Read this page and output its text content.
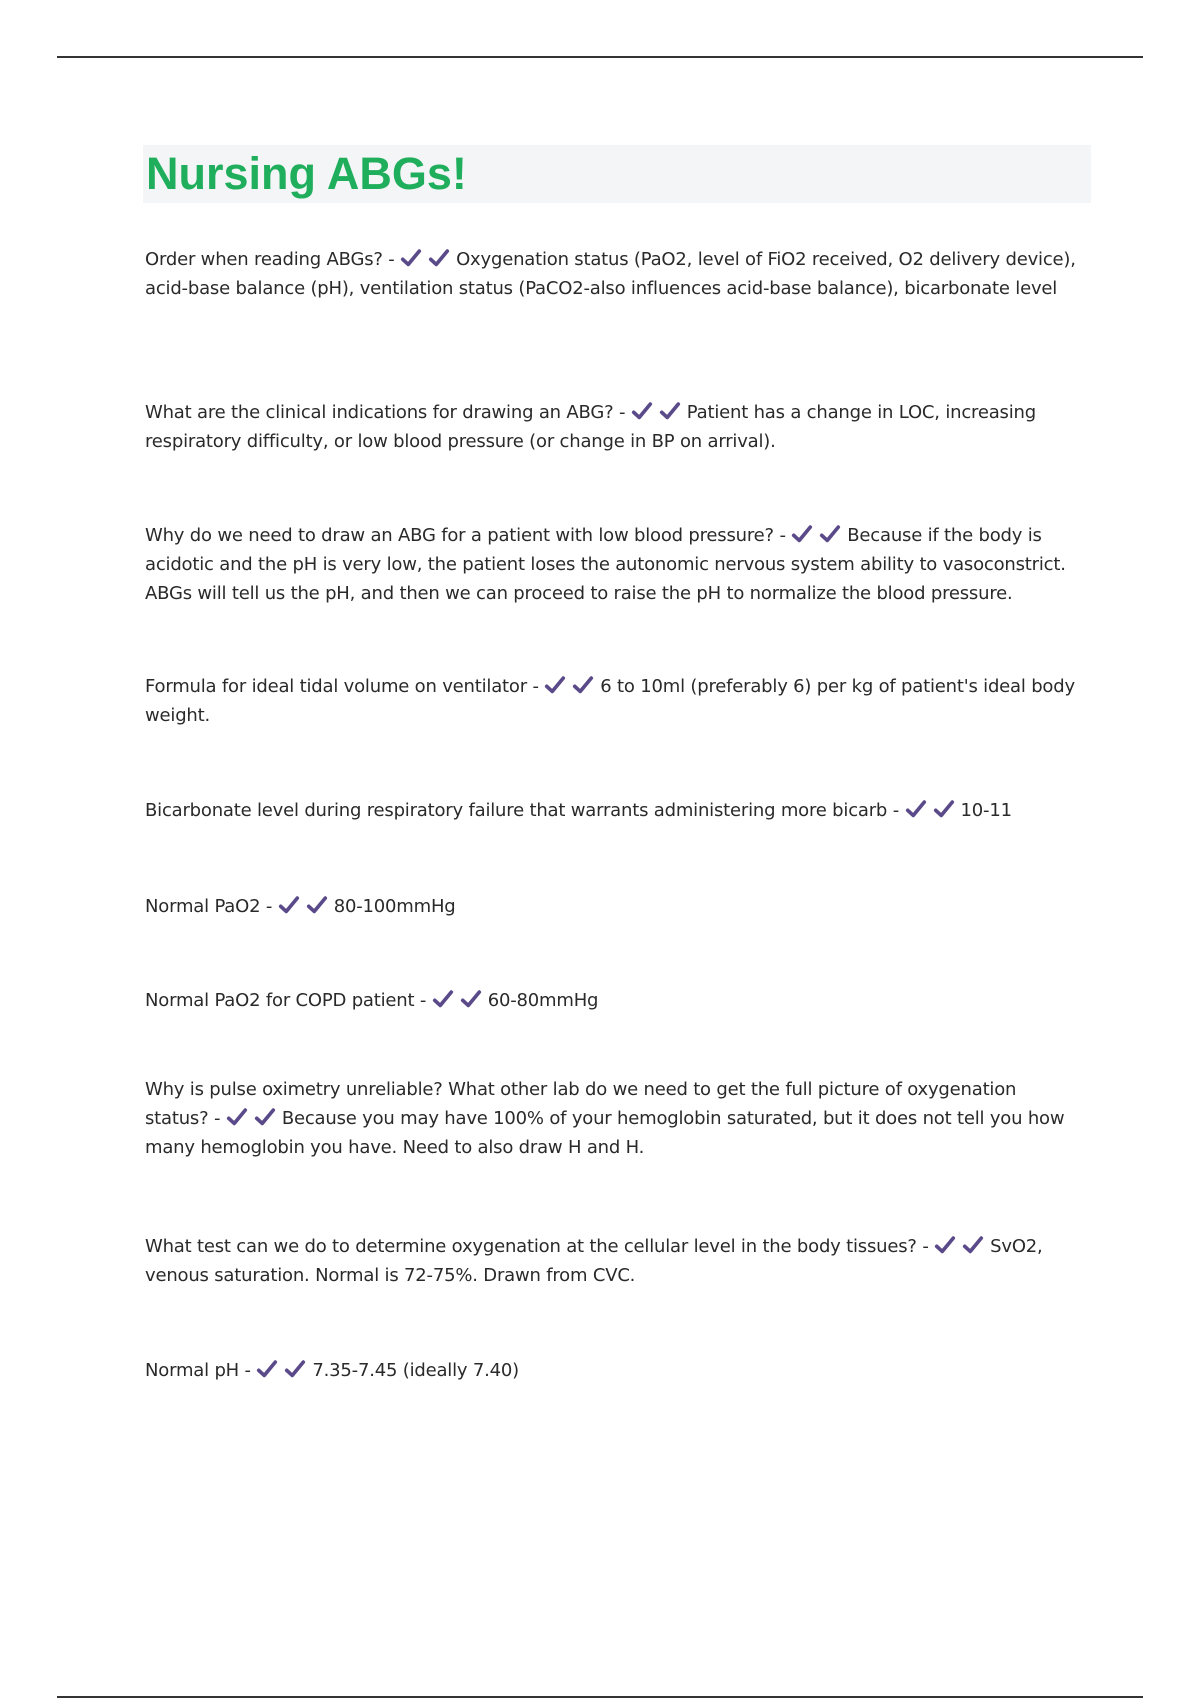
Nursing ABGs!

Order when reading ABGs? -	Oxygenation status (PaO2, level of FiO2 received, O2 delivery device), acid-base balance (pH), ventilation status (PaCO2-also influences acid-base balance), bicarbonate level

What are the clinical indications for drawing an ABG? -	Patient has a change in LOC, increasing respiratory difficulty, or low blood pressure (or change in BP on arrival).

Why do we need to draw an ABG for a patient with low blood pressure? -	Because if the body is acidotic and the pH is very low, the patient loses the autonomic nervous system ability to vasoconstrict. ABGs will tell us the pH, and then we can proceed to raise the pH to normalize the blood pressure.

Formula for ideal tidal volume on ventilator -	6 to 10ml (preferably 6) per kg of patient's ideal body weight.

Bicarbonate level during respiratory failure that warrants administering more bicarb -	10-11

Normal PaO2 -	80-100mmHg

Normal PaO2 for COPD patient -	60-80mmHg

Why is pulse oximetry unreliable? What other lab do we need to get the full picture of oxygenation status? -	Because you may have 100% of your hemoglobin saturated, but it does not tell you how many hemoglobin you have. Need to also draw H and H.

What test can we do to determine oxygenation at the cellular level in the body tissues? -	SvO2, venous saturation. Normal is 72-75%. Drawn from CVC.

Normal pH -	7.35-7.45 (ideally 7.40)
